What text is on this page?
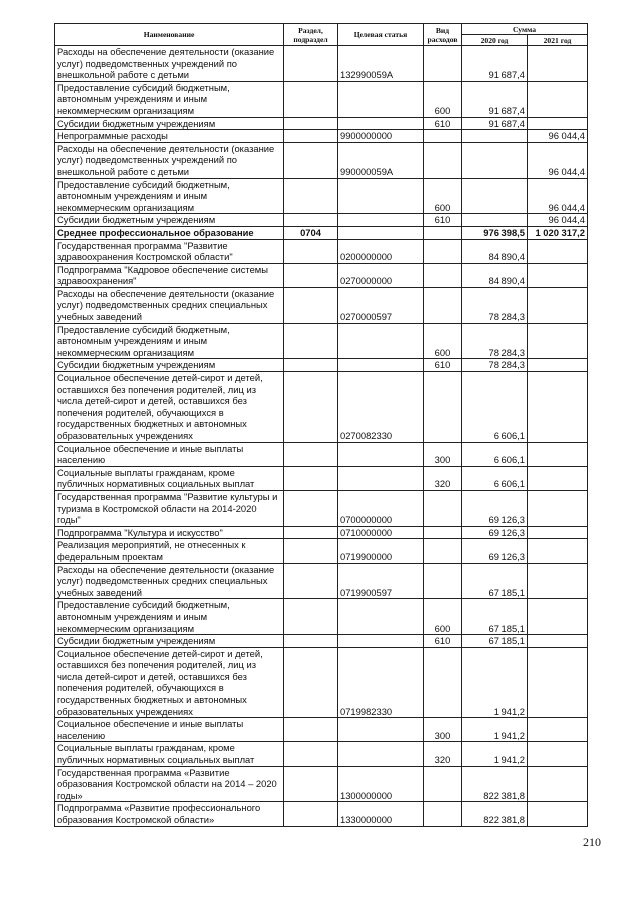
Наименование	Раздел, подраздел	Целевая статья	Вид расходов	Сумма	
				2020 год	2021 год
Расходы на обеспечение деятельности (оказание услуг) подведомственных учреждений по внешкольной работе с детьми		132990059А		91 687,4	
Предоставление субсидий бюджетным, автономным учреждениям и иным некоммерческим организациям			600	91 687,4	
Субсидии бюджетным учреждениям			610	91 687,4	
Непрограммные расходы		9900000000			96 044,4
Расходы на обеспечение деятельности (оказание услуг) подведомственных учреждений по внешкольной работе с детьми		990000059А			96 044,4
Предоставление субсидий бюджетным, автономным учреждениям и иным некоммерческим организациям			600		96 044,4
Субсидии бюджетным учреждениям			610		96 044,4
Среднее профессиональное образование	0704			976 398,5	1 020 317,2
Государственная программа "Развитие здравоохранения Костромской области"		0200000000		84 890,4	
Подпрограмма "Кадровое обеспечение системы здравоохранения"		0270000000		84 890,4	
Расходы на обеспечение деятельности (оказание услуг) подведомственных средних специальных учебных заведений		0270000597		78 284,3	
Предоставление субсидий бюджетным, автономным учреждениям и иным некоммерческим организациям			600	78 284,3	
Субсидии бюджетным учреждениям			610	78 284,3	
Социальное обеспечение детей-сирот и детей, оставшихся без попечения родителей, лиц из числа детей-сирот и детей, оставшихся без попечения родителей, обучающихся в государственных бюджетных и автономных образовательных учреждениях		0270082330		6 606,1	
Социальное обеспечение и иные выплаты населению			300	6 606,1	
Социальные выплаты гражданам, кроме публичных нормативных социальных выплат			320	6 606,1	
Государственная программа "Развитие культуры и туризма в Костромской области на 2014-2020 годы"		0700000000		69 126,3	
Подпрограмма "Культура и искусство"		0710000000		69 126,3	
Реализация мероприятий, не отнесенных к федеральным проектам		0719900000		69 126,3	
Расходы на обеспечение деятельности (оказание услуг) подведомственных средних специальных учебных заведений		0719900597		67 185,1	
Предоставление субсидий бюджетным, автономным учреждениям и иным некоммерческим организациям			600	67 185,1	
Субсидии бюджетным учреждениям			610	67 185,1	
Социальное обеспечение детей-сирот и детей, оставшихся без попечения родителей, лиц из числа детей-сирот и детей, оставшихся без попечения родителей, обучающихся в государственных бюджетных и автономных образовательных учреждениях		0719982330		1 941,2	
Социальное обеспечение и иные выплаты населению			300	1 941,2	
Социальные выплаты гражданам, кроме публичных нормативных социальных выплат			320	1 941,2	
Государственная программа «Развитие образования Костромской области на 2014 – 2020 годы»		1300000000		822 381,8	
Подпрограмма «Развитие профессионального образования Костромской области»		1330000000		822 381,8	
210
